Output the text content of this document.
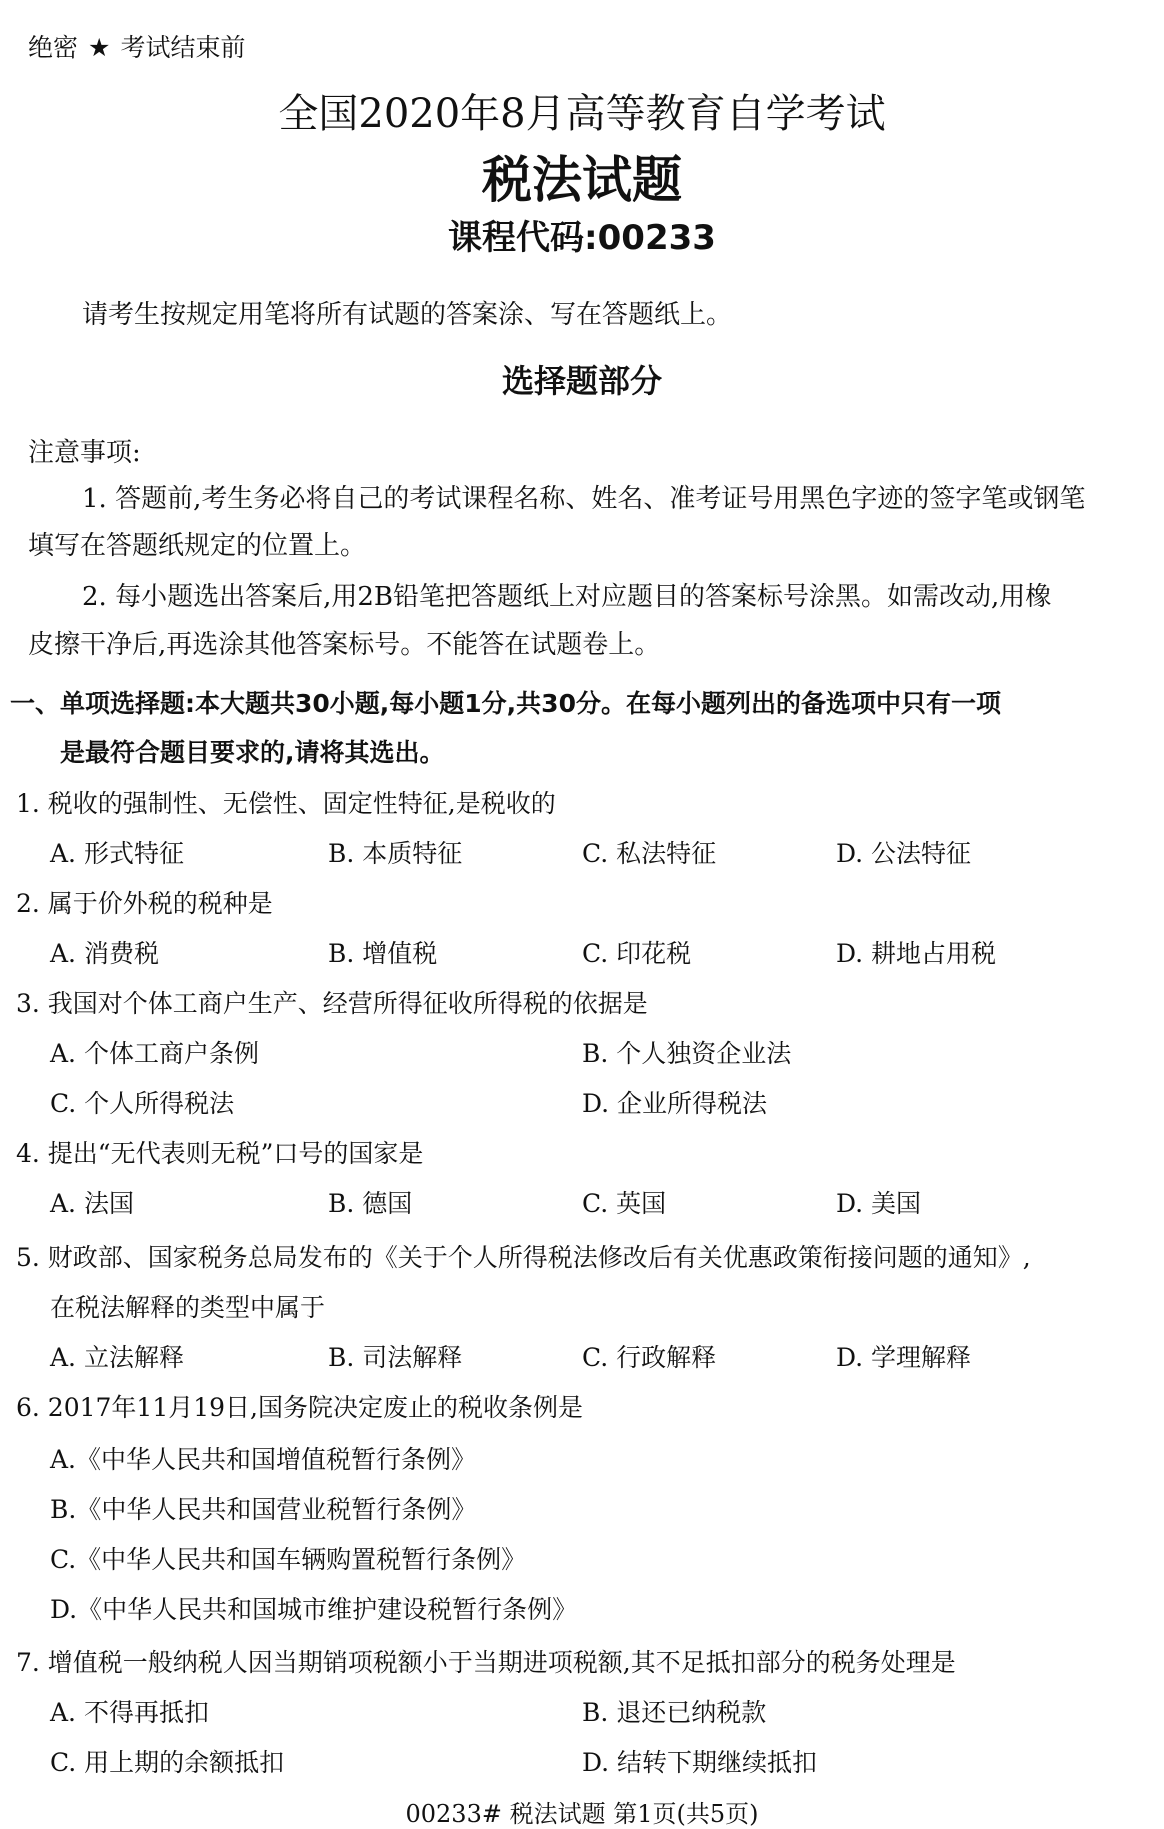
绝密 ★ 考试结束前
全国2020年8月高等教育自学考试
税法试题
课程代码:00233
请考生按规定用笔将所有试题的答案涂、写在答题纸上。
选择题部分
注意事项:
1. 答题前,考生务必将自己的考试课程名称、姓名、准考证号用黑色字迹的签字笔或钢笔
填写在答题纸规定的位置上。
2. 每小题选出答案后,用2B铅笔把答题纸上对应题目的答案标号涂黑。如需改动,用橡
皮擦干净后,再选涂其他答案标号。不能答在试题卷上。
一、单项选择题:本大题共30小题,每小题1分,共30分。在每小题列出的备选项中只有一项
是最符合题目要求的,请将其选出。
1. 税收的强制性、无偿性、固定性特征,是税收的
A. 形式特征	B. 本质特征	C. 私法特征	D. 公法特征
2. 属于价外税的税种是
A. 消费税	B. 增值税	C. 印花税	D. 耕地占用税
3. 我国对个体工商户生产、经营所得征收所得税的依据是
A. 个体工商户条例	B. 个人独资企业法
C. 个人所得税法	D. 企业所得税法
4. 提出“无代表则无税”口号的国家是
A. 法国	B. 德国	C. 英国	D. 美国
5. 财政部、国家税务总局发布的《关于个人所得税法修改后有关优惠政策衔接问题的通知》,
在税法解释的类型中属于
A. 立法解释	B. 司法解释	C. 行政解释	D. 学理解释
6. 2017年11月19日,国务院决定废止的税收条例是
A.《中华人民共和国增值税暂行条例》
B.《中华人民共和国营业税暂行条例》
C.《中华人民共和国车辆购置税暂行条例》
D.《中华人民共和国城市维护建设税暂行条例》
7. 增值税一般纳税人因当期销项税额小于当期进项税额,其不足抵扣部分的税务处理是
A. 不得再抵扣	B. 退还已纳税款
C. 用上期的余额抵扣	D. 结转下期继续抵扣
00233# 税法试题 第1页(共5页)
